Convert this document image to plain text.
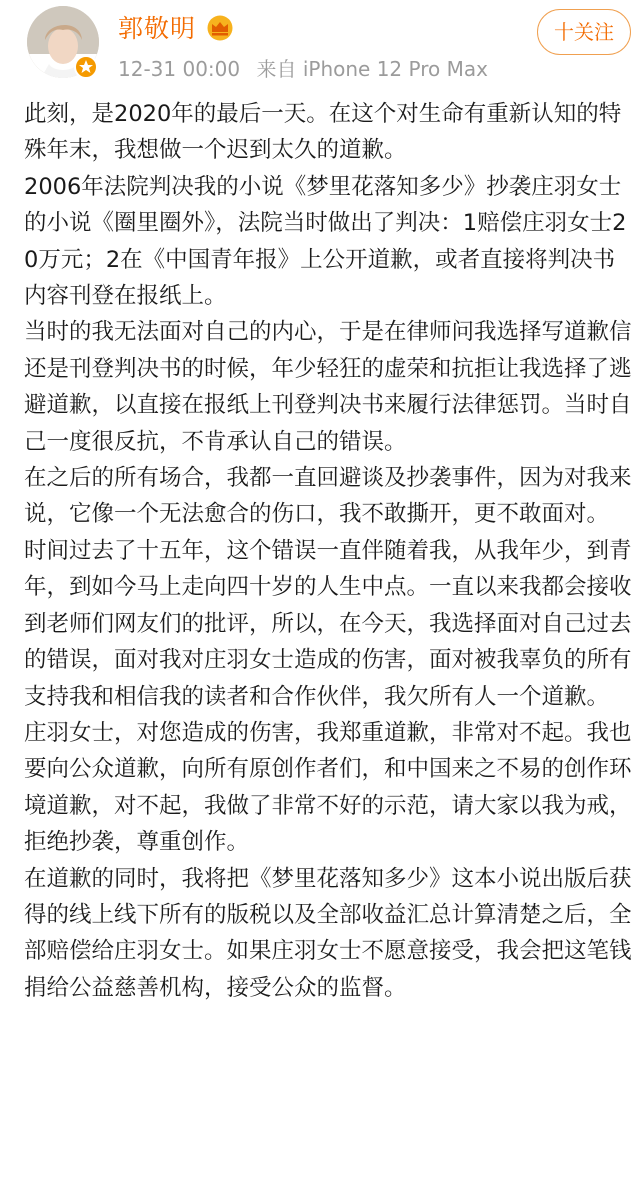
郭敬明
12-31 00:00 来自 iPhone 12 Pro Max
十关注

此刻，是2020年的最后一天。在这个对生命有重新认知的特殊年末，我想做一个迟到太久的道歉。

2006年法院判决我的小说《梦里花落知多少》抄袭庄羽女士的小说《圈里圈外》，法院当时做出了判决：1赔偿庄羽女士20万元；2在《中国青年报》上公开道歉，或者直接将判决书内容刊登在报纸上。

当时的我无法面对自己的内心，于是在律师问我选择写道歉信还是刊登判决书的时候，年少轻狂的虚荣和抗拒让我选择了逃避道歉，以直接在报纸上刊登判决书来履行法律惩罚。当时自己一度很反抗，不肯承认自己的错误。

在之后的所有场合，我都一直回避谈及抄袭事件，因为对我来说，它像一个无法愈合的伤口，我不敢撕开，更不敢面对。

时间过去了十五年，这个错误一直伴随着我，从我年少，到青年，到如今马上走向四十岁的人生中点。一直以来我都会接收到老师们网友们的批评，所以，在今天，我选择面对自己过去的错误，面对我对庄羽女士造成的伤害，面对被我辜负的所有支持我和相信我的读者和合作伙伴，我欠所有人一个道歉。

庄羽女士，对您造成的伤害，我郑重道歉，非常对不起。我也要向公众道歉，向所有原创作者们，和中国来之不易的创作环境道歉，对不起，我做了非常不好的示范，请大家以我为戒，拒绝抄袭，尊重创作。

在道歉的同时，我将把《梦里花落知多少》这本小说出版后获得的线上线下所有的版税以及全部收益汇总计算清楚之后，全部赔偿给庄羽女士。如果庄羽女士不愿意接受，我会把这笔钱捐给公益慈善机构，接受公众的监督。
